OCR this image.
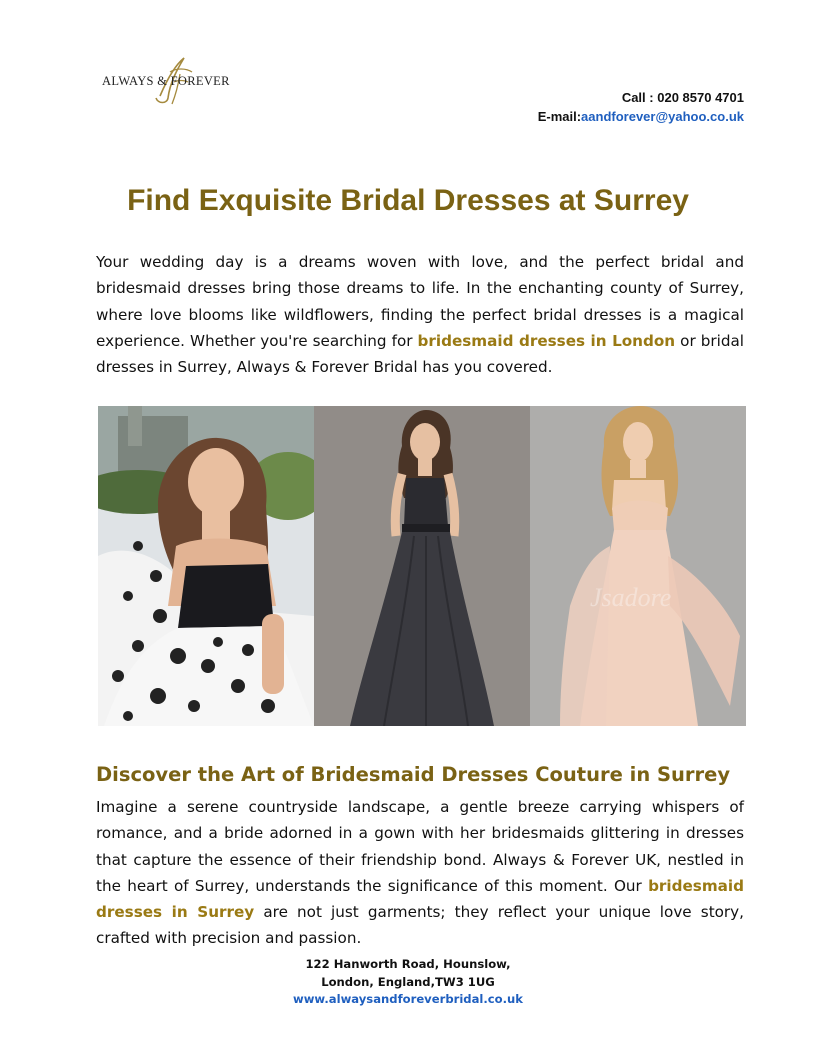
ALWAYS & FOREVER
Call : 020 8570 4701
E-mail:aandforever@yahoo.co.uk
Find Exquisite Bridal Dresses at Surrey

Your wedding day is a dreams woven with love, and the perfect bridal and bridesmaid dresses bring those dreams to life. In the enchanting county of Surrey, where love blooms like wildflowers, finding the perfect bridal dresses is a magical experience. Whether you're searching for bridesmaid dresses in London or bridal dresses in Surrey, Always & Forever Bridal has you covered.

Jsadore
Discover the Art of Bridesmaid Dresses Couture in Surrey

Imagine a serene countryside landscape, a gentle breeze carrying whispers of romance, and a bride adorned in a gown with her bridesmaids glittering in dresses that capture the essence of their friendship bond. Always & Forever UK, nestled in the heart of Surrey, understands the significance of this moment. Our bridesmaid dresses in Surrey are not just garments; they reflect your unique love story, crafted with precision and passion.

122 Hanworth Road, Hounslow,
London, England,TW3 1UG
www.alwaysandforeverbridal.co.uk
